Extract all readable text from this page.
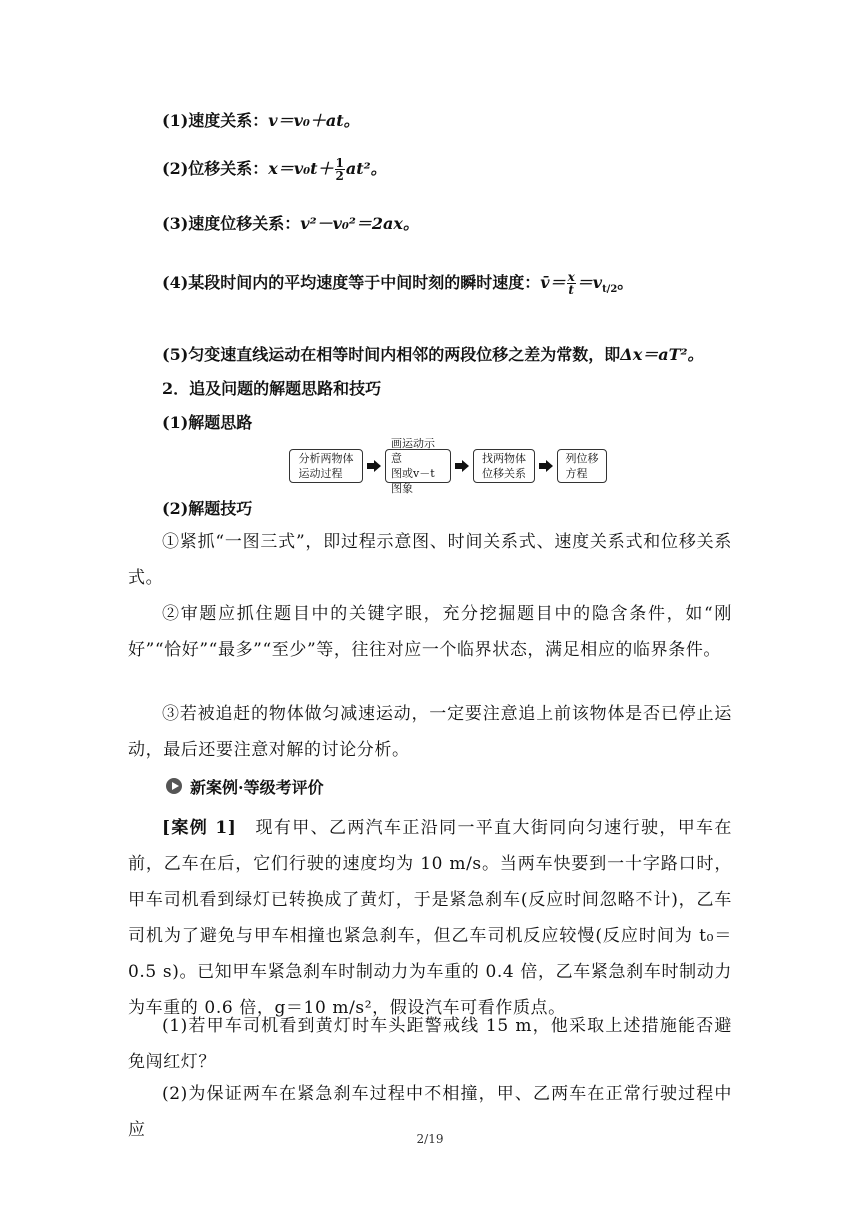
(1)速度关系：v＝v₀＋at。
(2)位移关系：$x=v_0t+ \frac{1}{2} at^2$。
(3)速度位移关系：v²－v₀²＝2ax。
(4)某段时间内的平均速度等于中间时刻的瞬时速度：v̄＝ $\frac{x}{t} =v_{t/2}$。
(5)匀变速直线运动在相等时间内相邻的两段位移之差为常数，即Δx＝aT²。
2．追及问题的解题思路和技巧
(1)解题思路
分析两物体
运动过程
画运动示意
图或v－t图象
找两物体
位移关系
列位移
方程
(2)解题技巧
①紧抓“一图三式”，即过程示意图、时间关系式、速度关系式和位移关系式。
②审题应抓住题目中的关键字眼，充分挖掘题目中的隐含条件，如“刚好”“恰好”“最多”“至少”等，往往对应一个临界状态，满足相应的临界条件。
③若被追赶的物体做匀减速运动，一定要注意追上前该物体是否已停止运动，最后还要注意对解的讨论分析。
新案例·等级考评价
[案例 1]　现有甲、乙两汽车正沿同一平直大街同向匀速行驶，甲车在前，乙车在后，它们行驶的速度均为 10 m/s。当两车快要到一十字路口时，甲车司机看到绿灯已转换成了黄灯，于是紧急刹车(反应时间忽略不计)，乙车司机为了避免与甲车相撞也紧急刹车，但乙车司机反应较慢(反应时间为 t₀＝0.5 s)。已知甲车紧急刹车时制动力为车重的 0.4 倍，乙车紧急刹车时制动力为车重的 0.6 倍，g＝10 m/s²，假设汽车可看作质点。
(1)若甲车司机看到黄灯时车头距警戒线 15 m，他采取上述措施能否避免闯红灯？
(2)为保证两车在紧急刹车过程中不相撞，甲、乙两车在正常行驶过程中应	2/19
